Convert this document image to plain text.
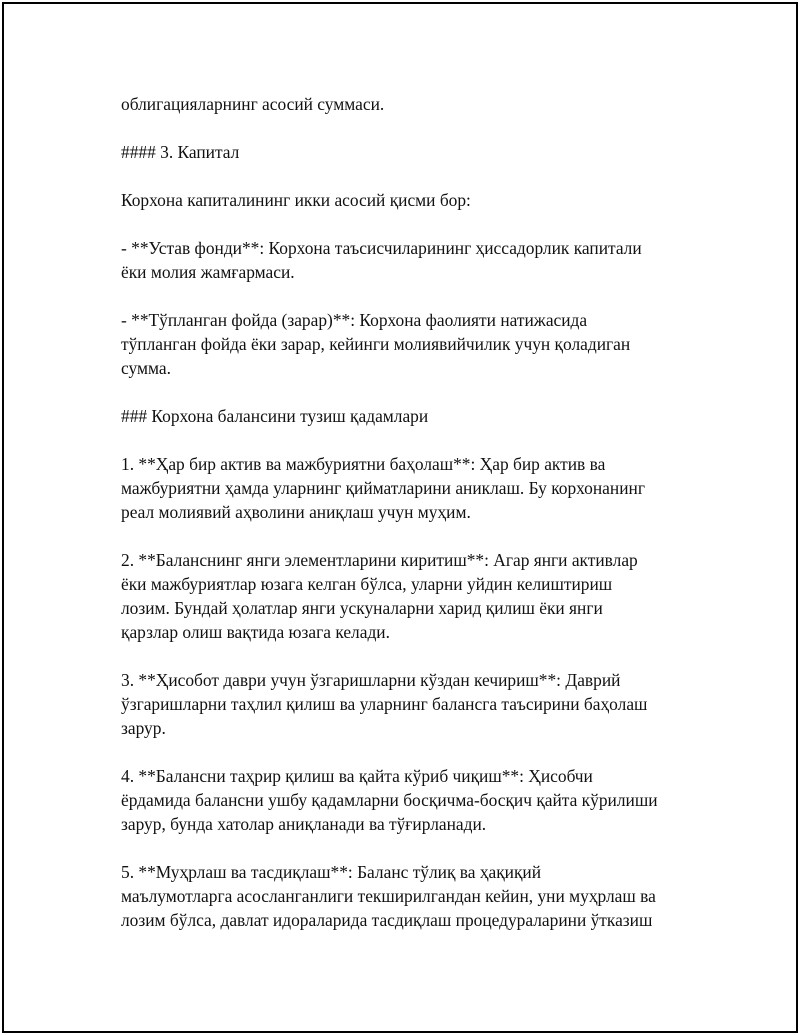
облигацияларнинг асосий суммаси.

#### 3. Капитал

Корхона капиталининг икки асосий қисми бор:

- **Устав фонди**: Корхона таъсисчиларининг ҳиссадорлик капитали
ёки молия жамғармаси.

- **Тўпланган фойда (зарар)**: Корхона фаолияти натижасида
тўпланган фойда ёки зарар, кейинги молиявийчилик учун қоладиган
сумма.

### Корхона балансини тузиш қадамлари

1. **Ҳар бир актив ва мажбуриятни баҳолаш**: Ҳар бир актив ва
мажбуриятни ҳамда уларнинг қийматларини аниклаш. Бу корхонанинг
реал молиявий аҳволини аниқлаш учун муҳим.

2. **Баланснинг янги элементларини киритиш**: Агар янги активлар
ёки мажбуриятлар юзага келган бўлса, уларни уйдин келиштириш
лозим. Бундай ҳолатлар янги ускуналарни харид қилиш ёки янги
қарзлар олиш вақтида юзага келади.

3. **Ҳисобот даври учун ўзгаришларни кўздан кечириш**: Даврий
ўзгаришларни таҳлил қилиш ва уларнинг балансга таъсирини баҳолаш
зарур.

4. **Балансни таҳрир қилиш ва қайта кўриб чиқиш**: Ҳисобчи
ёрдамида балансни ушбу қадамларни босқичма-босқич қайта кўрилиши
зарур, бунда хатолар аниқланади ва тўғирланади.

5. **Муҳрлаш ва тасдиқлаш**: Баланс тўлиқ ва ҳақиқий
маълумотларга асосланганлиги текширилгандан кейин, уни муҳрлаш ва
лозим бўлса, давлат идораларида тасдиқлаш процедураларини ўтказиш
